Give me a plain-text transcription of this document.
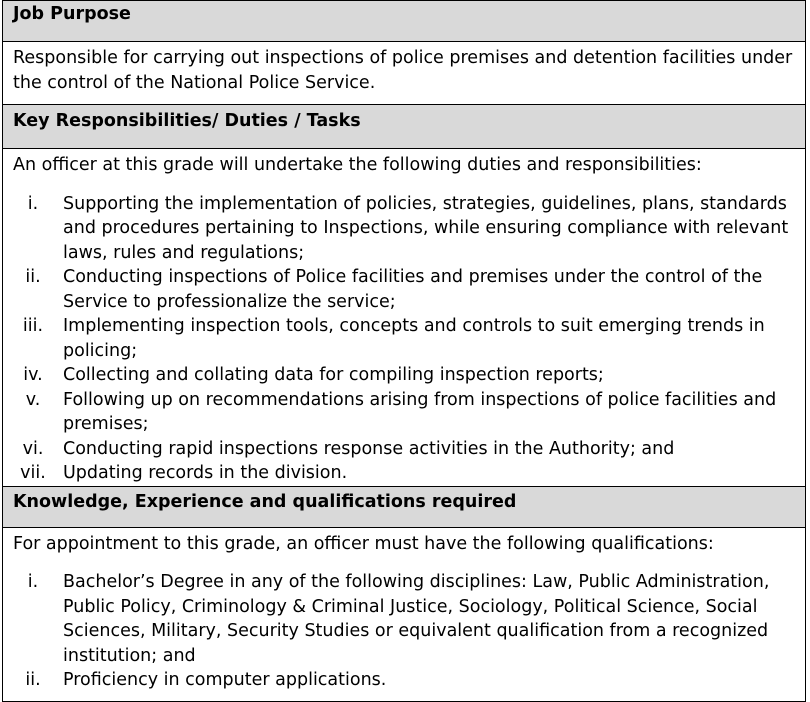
Job Purpose

Responsible for carrying out inspections of police premises and detention facilities under the control of the National Police Service.

Key Responsibilities/ Duties / Tasks

An officer at this grade will undertake the following duties and responsibilities:
i.	Supporting the implementation of policies, strategies, guidelines, plans, standards and procedures pertaining to Inspections, while ensuring compliance with relevant laws, rules and regulations;
ii.	Conducting inspections of Police facilities and premises under the control of the Service to professionalize the service;
iii.	Implementing inspection tools, concepts and controls to suit emerging trends in policing;
iv.	Collecting and collating data for compiling inspection reports;
v.	Following up on recommendations arising from inspections of police facilities and premises;
vi.	Conducting rapid inspections response activities in the Authority; and
vii. Updating records in the division.

Knowledge, Experience and qualifications required

For appointment to this grade, an officer must have the following qualifications:
i.	Bachelor’s Degree in any of the following disciplines: Law, Public Administration, Public Policy, Criminology & Criminal Justice, Sociology, Political Science, Social Sciences, Military, Security Studies or equivalent qualification from a recognized institution; and
ii.	Proficiency in computer applications.
